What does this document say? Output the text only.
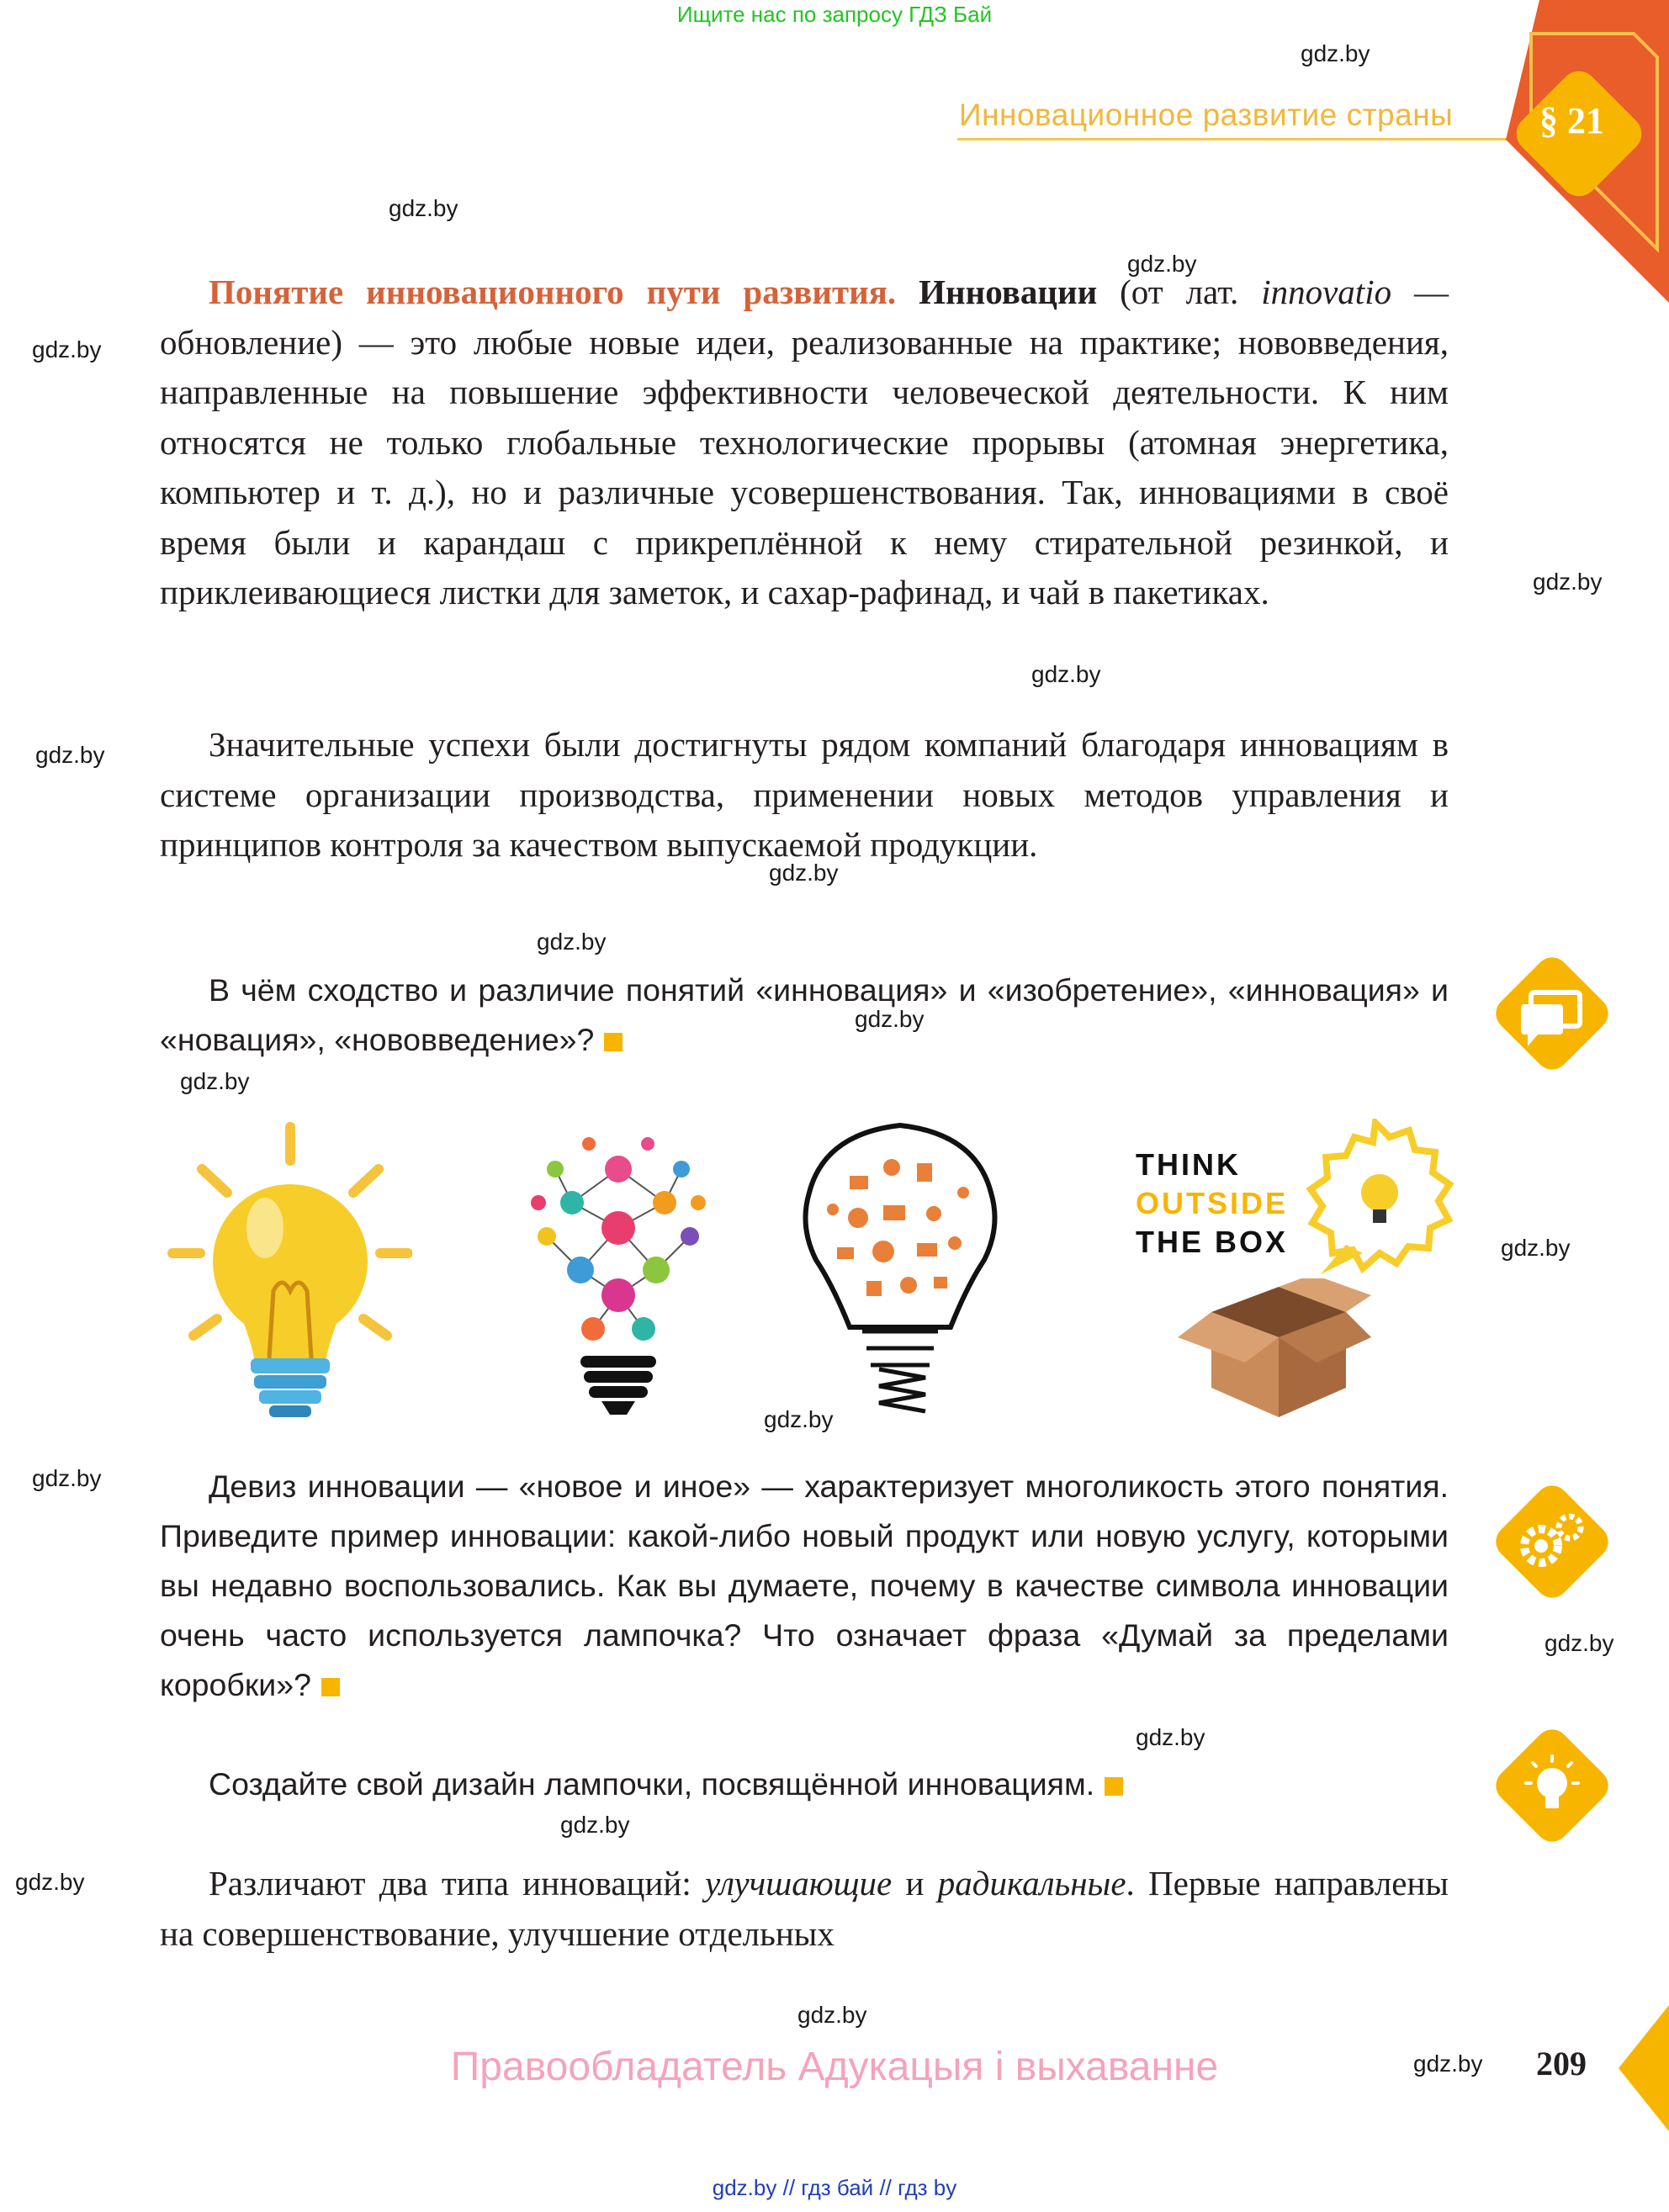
Ищите нас по запросу ГДЗ Бай
gdz.by
gdz.by
gdz.by
gdz.by
gdz.by
gdz.by
gdz.by
gdz.by
gdz.by
gdz.by
gdz.by
gdz.by
gdz.by
gdz.by
gdz.by
gdz.by
gdz.by
gdz.by
gdz.by
gdz.by
Инновационное развитие страны § 21

Понятие инновационного пути развития. Инновации (от лат. innovatio — обновление) — это любые новые идеи, реализованные на практике; нововведения, направленные на повышение эффективности человеческой деятельности. К ним относятся не только глобальные технологические прорывы (атомная энергетика, компьютер и т. д.), но и различные усовершенствования. Так, инновациями в своё время были и карандаш с прикреплённой к нему стирательной резинкой, и приклеивающиеся листки для заметок, и сахар-рафинад, и чай в пакетиках.

Значительные успехи были достигнуты рядом компаний благодаря инновациям в системе организации производства, применении новых методов управления и принципов контроля за качеством выпускаемой продукции.

В чём сходство и различие понятий «инновация» и «изобретение», «инновация» и «новация», «нововведение»?

THINK
OUTSIDE
THE BOX

Девиз инновации — «новое и иное» — характеризует многоликость этого понятия. Приведите пример инновации: какой-либо новый продукт или новую услугу, которыми вы недавно воспользовались. Как вы думаете, почему в качестве символа инновации очень часто используется лампочка? Что означает фраза «Думай за пределами коробки»?

Создайте свой дизайн лампочки, посвящённой инновациям.

Различают два типа инноваций: улучшающие и радикальные. Первые направлены на совершенствование, улучшение отдельных

Правообладатель Адукацыя і выхаванне	209
gdz.by // гдз бай // гдз by
